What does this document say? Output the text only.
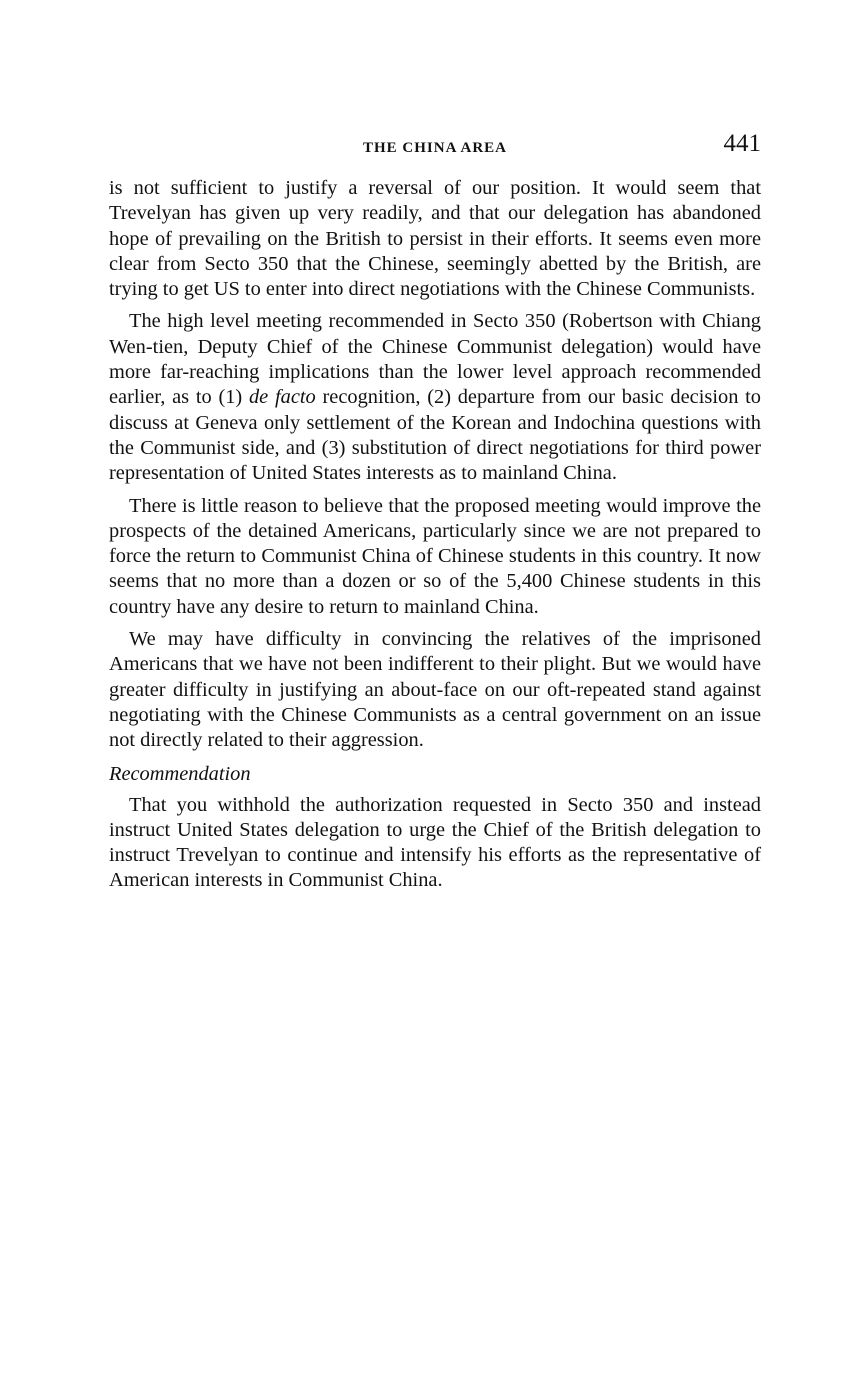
THE CHINA AREA	441

is not sufficient to justify a reversal of our position. It would seem that Trevelyan has given up very readily, and that our delegation has abandoned hope of prevailing on the British to persist in their efforts. It seems even more clear from Secto 350 that the Chinese, seemingly abetted by the British, are trying to get US to enter into direct negotiations with the Chinese Communists.

The high level meeting recommended in Secto 350 (Robertson with Chiang Wen-tien, Deputy Chief of the Chinese Communist delegation) would have more far-reaching implications than the lower level approach recommended earlier, as to (1) de facto recognition, (2) departure from our basic decision to discuss at Geneva only settlement of the Korean and Indochina questions with the Communist side, and (3) substitution of direct negotiations for third power representation of United States interests as to mainland China.

There is little reason to believe that the proposed meeting would improve the prospects of the detained Americans, particularly since we are not prepared to force the return to Communist China of Chinese students in this country. It now seems that no more than a dozen or so of the 5,400 Chinese students in this country have any desire to return to mainland China.

We may have difficulty in convincing the relatives of the imprisoned Americans that we have not been indifferent to their plight. But we would have greater difficulty in justifying an about-face on our oft-repeated stand against negotiating with the Chinese Communists as a central government on an issue not directly related to their aggression.

Recommendation

That you withhold the authorization requested in Secto 350 and instead instruct United States delegation to urge the Chief of the British delegation to instruct Trevelyan to continue and intensify his efforts as the representative of American interests in Communist China.
